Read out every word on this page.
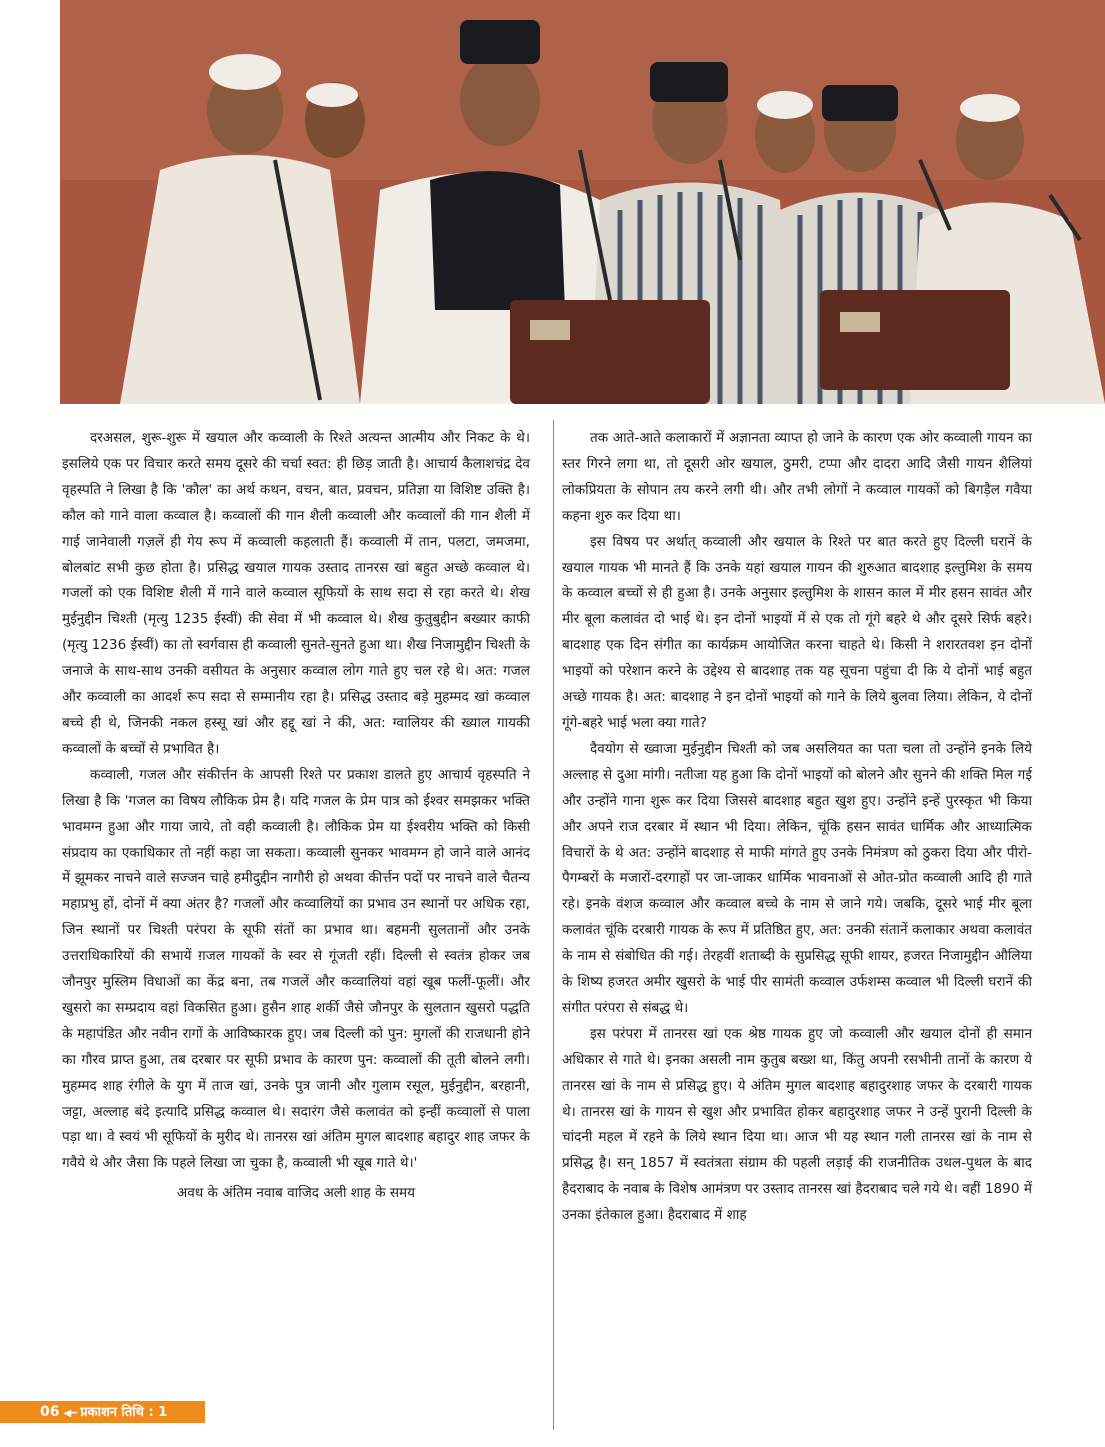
दरअसल, शुरू-शुरू में खयाल और कव्वाली के रिश्ते अत्यन्त आत्मीय और निकट के थे। इसलिये एक पर विचार करते समय दूसरे की चर्चा स्वत: ही छिड़ जाती है। आचार्य कैलाशचंद्र देव वृहस्पति ने लिखा है कि 'कौल' का अर्थ कथन, वचन, बात, प्रवचन, प्रतिज्ञा या विशिष्ट उक्ति है। कौल को गाने वाला कव्वाल है। कव्वालों की गान शैली कव्वाली और कव्वालों की गान शैली में गाई जानेवाली गज़लें ही गेय रूप में कव्वाली कहलाती हैं। कव्वाली में तान, पलटा, जमजमा, बोलबांट सभी कुछ होता है। प्रसिद्ध खयाल गायक उस्ताद तानरस खां बहुत अच्छे कव्वाल थे। गजलों को एक विशिष्ट शैली में गाने वाले कव्वाल सूफियों के साथ सदा से रहा करते थे। शेख मुईनुद्दीन चिश्ती (मृत्यु 1235 ईस्वीं) की सेवा में भी कव्वाल थे। शैख कुतुबुद्दीन बख्यार काफी (मृत्यु 1236 ईस्वीं) का तो स्वर्गवास ही कव्वाली सुनते-सुनते हुआ था। शैख निजामुद्दीन चिश्ती के जनाजे के साथ-साथ उनकी वसीयत के अनुसार कव्वाल लोग गाते हुए चल रहे थे। अत: गजल और कव्वाली का आदर्श रूप सदा से सम्मानीय रहा है। प्रसिद्ध उस्ताद बड़े मुहम्मद खां कव्वाल बच्चे ही थे, जिनकी नकल हस्सू खां और हद्दू खां ने की, अत: ग्वालियर की ख्याल गायकी कव्वालों के बच्चों से प्रभावित है।

कव्वाली, गजल और संकीर्त्तन के आपसी रिश्ते पर प्रकाश डालते हुए आचार्य वृहस्पति ने लिखा है कि 'गजल का विषय लौकिक प्रेम है। यदि गजल के प्रेम पात्र को ईश्वर समझकर भक्ति भावमग्न हुआ और गाया जाये, तो वही कव्वाली है। लौकिक प्रेम या ईश्वरीय भक्ति को किसी संप्रदाय का एकाधिकार तो नहीं कहा जा सकता। कव्वाली सुनकर भावमग्न हो जाने वाले आनंद में झूमकर नाचने वाले सज्जन चाहे हमीदुद्दीन नागौरी हो अथवा कीर्त्तन पदों पर नाचने वाले चैतन्य महाप्रभु हों, दोनों में क्या अंतर है? गजलों और कव्वालियों का प्रभाव उन स्थानों पर अधिक रहा, जिन स्थानों पर चिश्ती परंपरा के सूफी संतों का प्रभाव था। बहमनी सुलतानों और उनके उत्तराधिकारियों की सभायें ग़जल गायकों के स्वर से गूंजती रहीं। दिल्ली से स्वतंत्र होकर जब जौनपुर मुस्लिम विधाओं का केंद्र बना, तब गजलें और कव्वालियां वहां खूब फलीं-फूलीं। और खुसरो का सम्प्रदाय वहां विकसित हुआ। हुसैन शाह शर्की जैसे जौनपुर के सुलतान खुसरो पद्धति के महापंडित और नवीन रागों के आविष्कारक हुए। जब दिल्ली को पुन: मुगलों की राजधानी होने का गौरव प्राप्त हुआ, तब दरबार पर सूफी प्रभाव के कारण पुन: कव्वालों की तूती बोलने लगी। मुहम्मद शाह रंगीले के युग में ताज खां, उनके पुत्र जानी और गुलाम रसूल, मुईनुद्दीन, बरहानी, जट्टा, अल्लाह बंदे इत्यादि प्रसिद्ध कव्वाल थे। सदारंग जैसे कलावंत को इन्हीं कव्वालों से पाला पड़ा था। वे स्वयं भी सूफियों के मुरीद थे। तानरस खां अंतिम मुगल बादशाह बहादुर शाह जफर के गवैये थे और जैसा कि पहले लिखा जा चुका है, कव्वाली भी खूब गाते थे।'

अवध के अंतिम नवाब वाजिद अली शाह के समय

तक आते-आते कलाकारों में अज्ञानता व्याप्त हो जाने के कारण एक ओर कव्वाली गायन का स्तर गिरने लगा था, तो दूसरी ओर खयाल, ठुमरी, टप्पा और दादरा आदि जैसी गायन शैलियां लोकप्रियता के सोपान तय करने लगी थी। और तभी लोगों ने कव्वाल गायकों को बिगड़ैल गवैया कहना शुरु कर दिया था।

इस विषय पर अर्थात् कव्वाली और खयाल के रिश्ते पर बात करते हुए दिल्ली घरानें के खयाल गायक भी मानते हैं कि उनके यहां खयाल गायन की शुरुआत बादशाह इल्तुमिश के समय के कव्वाल बच्चों से ही हुआ है। उनके अनुसार इल्तुमिश के शासन काल में मीर हसन सावंत और मीर बूला कलावंत दो भाई थे। इन दोनों भाइयों में से एक तो गूंगे बहरे थे और दूसरे सिर्फ बहरे। बादशाह एक दिन संगीत का कार्यक्रम आयोजित करना चाहते थे। किसी ने शरारतवश इन दोनों भाइयों को परेशान करने के उद्देश्य से बादशाह तक यह सूचना पहुंचा दी कि ये दोनों भाई बहुत अच्छे गायक है। अत: बादशाह ने इन दोनों भाइयों को गाने के लिये बुलवा लिया। लेकिन, ये दोनों गूंगे-बहरे भाई भला क्या गाते?

दैवयोग से ख्वाजा मुईनुद्दीन चिश्ती को जब असलियत का पता चला तो उन्होंने इनके लिये अल्लाह से दुआ मांगी। नतीजा यह हुआ कि दोनों भाइयों को बोलने और सुनने की शक्ति मिल गई और उन्होंने गाना शुरू कर दिया जिससे बादशाह बहुत खुश हुए। उन्होंने इन्हें पुरस्कृत भी किया और अपने राज दरबार में स्थान भी दिया। लेकिन, चूंकि हसन सावंत धार्मिक और आध्यात्मिक विचारों के थे अत: उन्होंने बादशाह से माफी मांगते हुए उनके निमंत्रण को ठुकरा दिया और पीरो-पैगम्बरों के मजारों-दरगाहों पर जा-जाकर धार्मिक भावनाओं से ओत-प्रोत कव्वाली आदि ही गाते रहे। इनके वंशज कव्वाल और कव्वाल बच्चे के नाम से जाने गये। जबकि, दूसरे भाई मीर बूला कलावंत चूंकि दरबारी गायक के रूप में प्रतिष्ठित हुए, अत: उनकी संतानें कलाकार अथवा कलावंत के नाम से संबोधित की गई। तेरहवीं शताब्दी के सुप्रसिद्ध सूफी शायर, हजरत निजामुद्दीन औलिया के शिष्य हजरत अमीर खुसरो के भाई पीर सामंती कव्वाल उर्फशम्स कव्वाल भी दिल्ली घरानें की संगीत परंपरा से संबद्ध थे।

इस परंपरा में तानरस खां एक श्रेष्ठ गायक हुए जो कव्वाली और खयाल दोनों ही समान अधिकार से गाते थे। इनका असली नाम कुतुब बख्श था, किंतु अपनी रसभीनी तानों के कारण ये तानरस खां के नाम से प्रसिद्ध हुए। ये अंतिम मुगल बादशाह बहादुरशाह जफर के दरबारी गायक थे। तानरस खां के गायन से खुश और प्रभावित होकर बहादुरशाह जफर ने उन्हें पुरानी दिल्ली के चांदनी महल में रहने के लिये स्थान दिया था। आज भी यह स्थान गली तानरस खां के नाम से प्रसिद्ध है। सन् 1857 में स्वतंत्रता संग्राम की पहली लड़ाई की राजनीतिक उथल-पुथल के बाद हैदराबाद के नवाब के विशेष आमंत्रण पर उस्ताद तानरस खां हैदराबाद चले गये थे। वहीं 1890 में उनका इंतेकाल हुआ। हैदराबाद में शाह

06 ◀━ प्रकाशन तिथि : 1 सितम्बर, 2020
